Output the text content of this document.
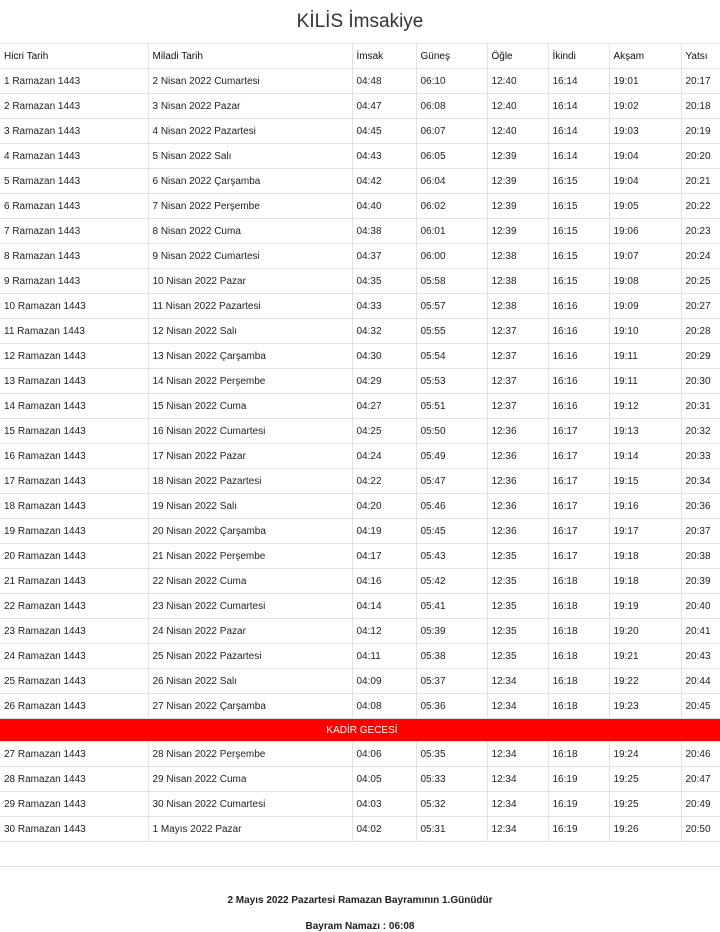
KİLİS İmsakiye
Hicri Tarih	Miladi Tarih	İmsak	Güneş	Öğle	İkindi	Akşam	Yatsı
1 Ramazan 1443	2 Nisan 2022 Cumartesi	04:48	06:10	12:40	16:14	19:01	20:17
2 Ramazan 1443	3 Nisan 2022 Pazar	04:47	06:08	12:40	16:14	19:02	20:18
3 Ramazan 1443	4 Nisan 2022 Pazartesi	04:45	06:07	12:40	16:14	19:03	20:19
4 Ramazan 1443	5 Nisan 2022 Salı	04:43	06:05	12:39	16:14	19:04	20:20
5 Ramazan 1443	6 Nisan 2022 Çarşamba	04:42	06:04	12:39	16:15	19:04	20:21
6 Ramazan 1443	7 Nisan 2022 Perşembe	04:40	06:02	12:39	16:15	19:05	20:22
7 Ramazan 1443	8 Nisan 2022 Cuma	04:38	06:01	12:39	16:15	19:06	20:23
8 Ramazan 1443	9 Nisan 2022 Cumartesi	04:37	06:00	12:38	16:15	19:07	20:24
9 Ramazan 1443	10 Nisan 2022 Pazar	04:35	05:58	12:38	16:15	19:08	20:25
10 Ramazan 1443	11 Nisan 2022 Pazartesi	04:33	05:57	12:38	16:16	19:09	20:27
11 Ramazan 1443	12 Nisan 2022 Salı	04:32	05:55	12:37	16:16	19:10	20:28
12 Ramazan 1443	13 Nisan 2022 Çarşamba	04:30	05:54	12:37	16:16	19:11	20:29
13 Ramazan 1443	14 Nisan 2022 Perşembe	04:29	05:53	12:37	16:16	19:11	20:30
14 Ramazan 1443	15 Nisan 2022 Cuma	04:27	05:51	12:37	16:16	19:12	20:31
15 Ramazan 1443	16 Nisan 2022 Cumartesi	04:25	05:50	12:36	16:17	19:13	20:32
16 Ramazan 1443	17 Nisan 2022 Pazar	04:24	05:49	12:36	16:17	19:14	20:33
17 Ramazan 1443	18 Nisan 2022 Pazartesi	04:22	05:47	12:36	16:17	19:15	20:34
18 Ramazan 1443	19 Nisan 2022 Salı	04:20	05:46	12:36	16:17	19:16	20:36
19 Ramazan 1443	20 Nisan 2022 Çarşamba	04:19	05:45	12:36	16:17	19:17	20:37
20 Ramazan 1443	21 Nisan 2022 Perşembe	04:17	05:43	12:35	16:17	19:18	20:38
21 Ramazan 1443	22 Nisan 2022 Cuma	04:16	05:42	12:35	16:18	19:18	20:39
22 Ramazan 1443	23 Nisan 2022 Cumartesi	04:14	05:41	12:35	16:18	19:19	20:40
23 Ramazan 1443	24 Nisan 2022 Pazar	04:12	05:39	12:35	16:18	19:20	20:41
24 Ramazan 1443	25 Nisan 2022 Pazartesi	04:11	05:38	12:35	16:18	19:21	20:43
25 Ramazan 1443	26 Nisan 2022 Salı	04:09	05:37	12:34	16:18	19:22	20:44
26 Ramazan 1443	27 Nisan 2022 Çarşamba	04:08	05:36	12:34	16:18	19:23	20:45
KADİR GECESİ							
27 Ramazan 1443	28 Nisan 2022 Perşembe	04:06	05:35	12:34	16:18	19:24	20:46
28 Ramazan 1443	29 Nisan 2022 Cuma	04:05	05:33	12:34	16:19	19:25	20:47
29 Ramazan 1443	30 Nisan 2022 Cumartesi	04:03	05:32	12:34	16:19	19:25	20:49
30 Ramazan 1443	1 Mayıs 2022 Pazar	04:02	05:31	12:34	16:19	19:26	20:50
2 Mayıs 2022 Pazartesi Ramazan Bayramının 1.Günüdür
Bayram Namazı : 06:08
